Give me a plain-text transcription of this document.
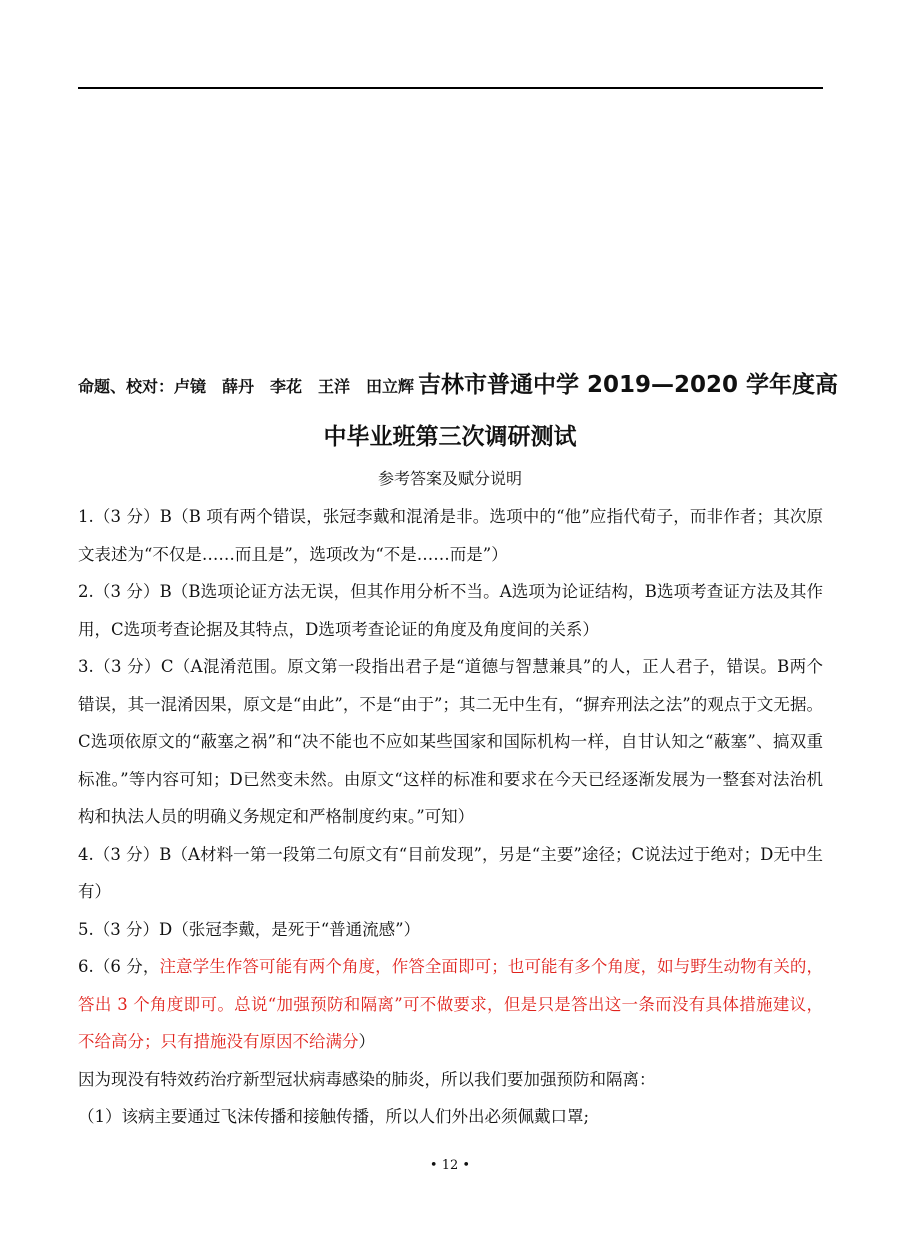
命题、校对：卢镜　薛丹　李花　王洋　田立辉 吉林市普通中学 2019—2020 学年度高
中毕业班第三次调研测试
参考答案及赋分说明

1.（3 分）B（B 项有两个错误，张冠李戴和混淆是非。选项中的“他”应指代荀子，而非作者；其次原文表述为“不仅是……而且是”，选项改为“不是……而是”）

2.（3 分）B（B选项论证方法无误，但其作用分析不当。A选项为论证结构，B选项考查证方法及其作用，C选项考查论据及其特点，D选项考查论证的角度及角度间的关系）

3.（3 分）C（A混淆范围。原文第一段指出君子是“道德与智慧兼具”的人，正人君子，错误。B两个错误，其一混淆因果，原文是“由此”，不是“由于”；其二无中生有，“摒弃刑法之法”的观点于文无据。C选项依原文的“蔽塞之祸”和“决不能也不应如某些国家和国际机构一样，自甘认知之“蔽塞”、搞双重标准。”等内容可知；D已然变未然。由原文“这样的标准和要求在今天已经逐渐发展为一整套对法治机构和执法人员的明确义务规定和严格制度约束。”可知）

4.（3 分）B（A材料一第一段第二句原文有“目前发现”，另是“主要”途径；C说法过于绝对；D无中生有）

5.（3 分）D（张冠李戴，是死于“普通流感”）

6.（6 分，注意学生作答可能有两个角度，作答全面即可；也可能有多个角度，如与野生动物有关的，答出 3 个角度即可。总说“加强预防和隔离”可不做要求，但是只是答出这一条而没有具体措施建议，不给高分；只有措施没有原因不给满分）

因为现没有特效药治疗新型冠状病毒感染的肺炎，所以我们要加强预防和隔离：

（1）该病主要通过飞沫传播和接触传播，所以人们外出必须佩戴口罩;

• 12 •
